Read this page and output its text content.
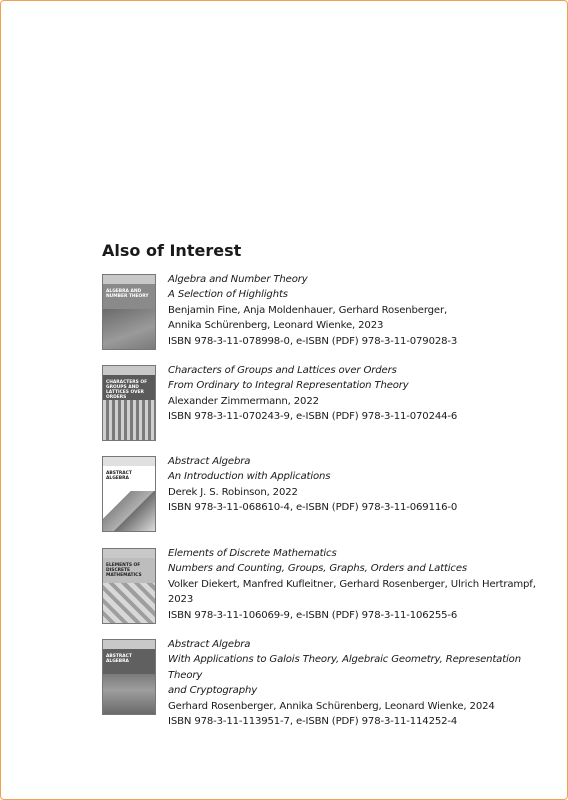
Also of Interest
ALGEBRA AND NUMBER THEORY
Algebra and Number Theory
A Selection of Highlights
Benjamin Fine, Anja Moldenhauer, Gerhard Rosenberger,
Annika Schürenberg, Leonard Wienke, 2023
ISBN 978-3-11-078998-0, e-ISBN (PDF) 978-3-11-079028-3
CHARACTERS OF GROUPS AND LATTICES OVER ORDERS
Characters of Groups and Lattices over Orders
From Ordinary to Integral Representation Theory
Alexander Zimmermann, 2022
ISBN 978-3-11-070243-9, e-ISBN (PDF) 978-3-11-070244-6
ABSTRACT ALGEBRA
Abstract Algebra
An Introduction with Applications
Derek J. S. Robinson, 2022
ISBN 978-3-11-068610-4, e-ISBN (PDF) 978-3-11-069116-0
ELEMENTS OF DISCRETE MATHEMATICS
Elements of Discrete Mathematics
Numbers and Counting, Groups, Graphs, Orders and Lattices
Volker Diekert, Manfred Kufleitner, Gerhard Rosenberger, Ulrich Hertrampf,
2023
ISBN 978-3-11-106069-9, e-ISBN (PDF) 978-3-11-106255-6
ABSTRACT ALGEBRA
Abstract Algebra
With Applications to Galois Theory, Algebraic Geometry, Representation Theory
and Cryptography
Gerhard Rosenberger, Annika Schürenberg, Leonard Wienke, 2024
ISBN 978-3-11-113951-7, e-ISBN (PDF) 978-3-11-114252-4
